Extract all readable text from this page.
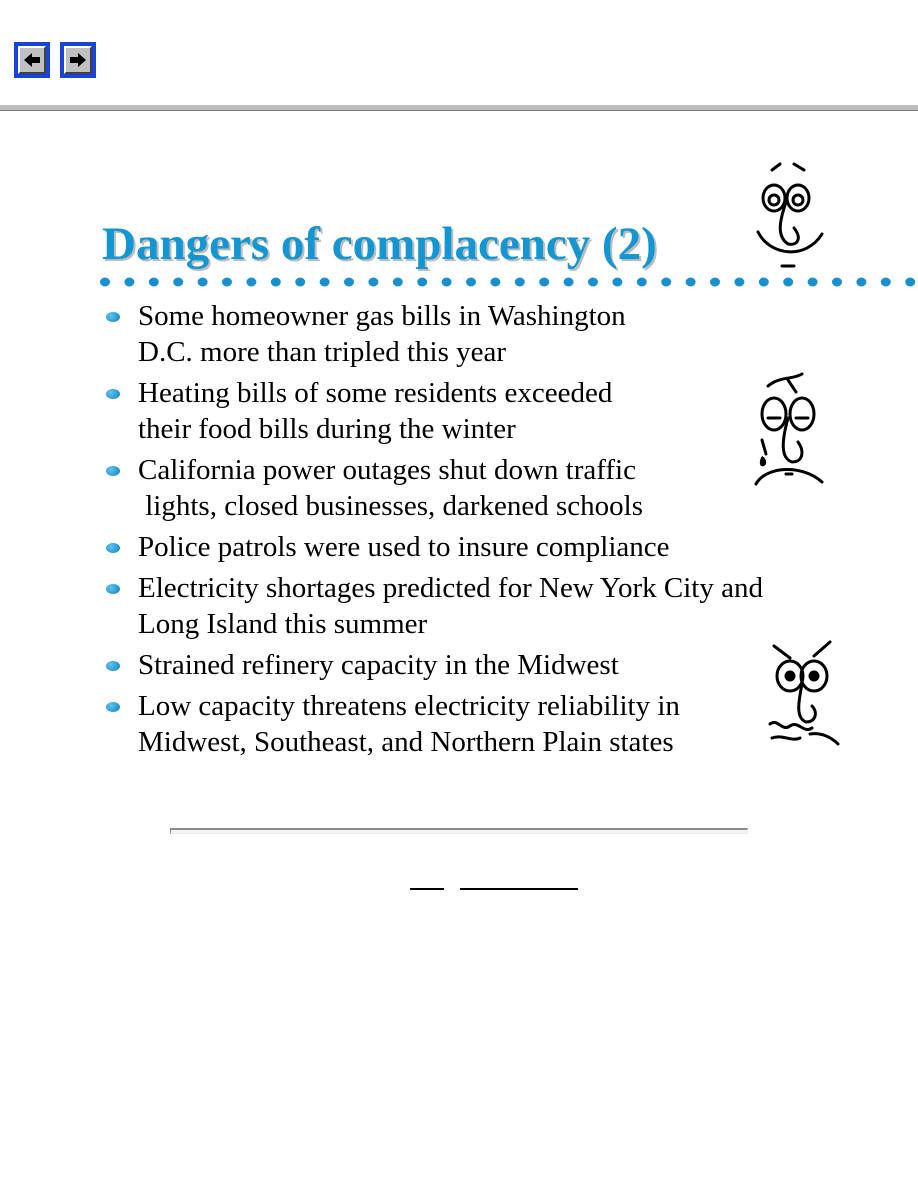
Dangers of complacency (2)
Some homeowner gas bills in Washington
D.C. more than tripled this year
Heating bills of some residents exceeded
their food bills during the winter
California power outages shut down traffic
lights, closed businesses, darkened schools
Police patrols were used to insure compliance
Electricity shortages predicted for New York City and
Long Island this summer
Strained refinery capacity in the Midwest
Low capacity threatens electricity reliability in
Midwest, Southeast, and Northern Plain states
